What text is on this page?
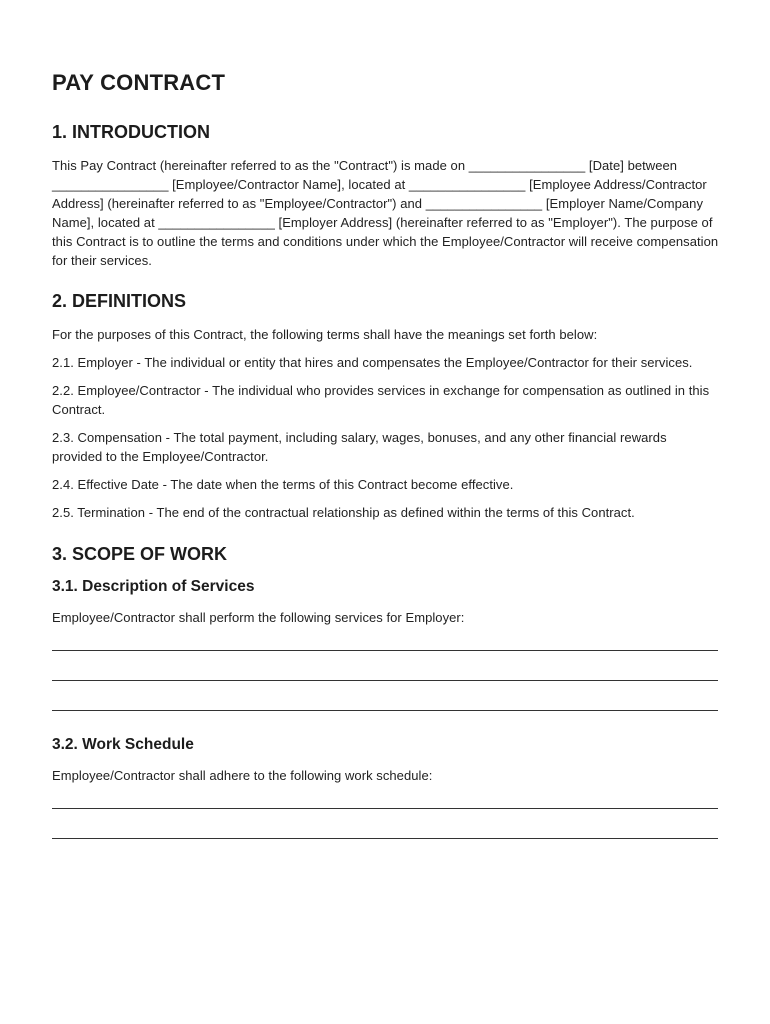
PAY CONTRACT
1. INTRODUCTION
This Pay Contract (hereinafter referred to as the "Contract") is made on ________________ [Date] between ________________ [Employee/Contractor Name], located at ________________ [Employee Address/Contractor Address] (hereinafter referred to as "Employee/Contractor") and ________________ [Employer Name/Company Name], located at ________________ [Employer Address] (hereinafter referred to as "Employer"). The purpose of this Contract is to outline the terms and conditions under which the Employee/Contractor will receive compensation for their services.
2. DEFINITIONS
For the purposes of this Contract, the following terms shall have the meanings set forth below:
2.1. Employer - The individual or entity that hires and compensates the Employee/Contractor for their services.
2.2. Employee/Contractor - The individual who provides services in exchange for compensation as outlined in this Contract.
2.3. Compensation - The total payment, including salary, wages, bonuses, and any other financial rewards provided to the Employee/Contractor.
2.4. Effective Date - The date when the terms of this Contract become effective.
2.5. Termination - The end of the contractual relationship as defined within the terms of this Contract.
3. SCOPE OF WORK
3.1. Description of Services
Employee/Contractor shall perform the following services for Employer:
3.2. Work Schedule
Employee/Contractor shall adhere to the following work schedule:
